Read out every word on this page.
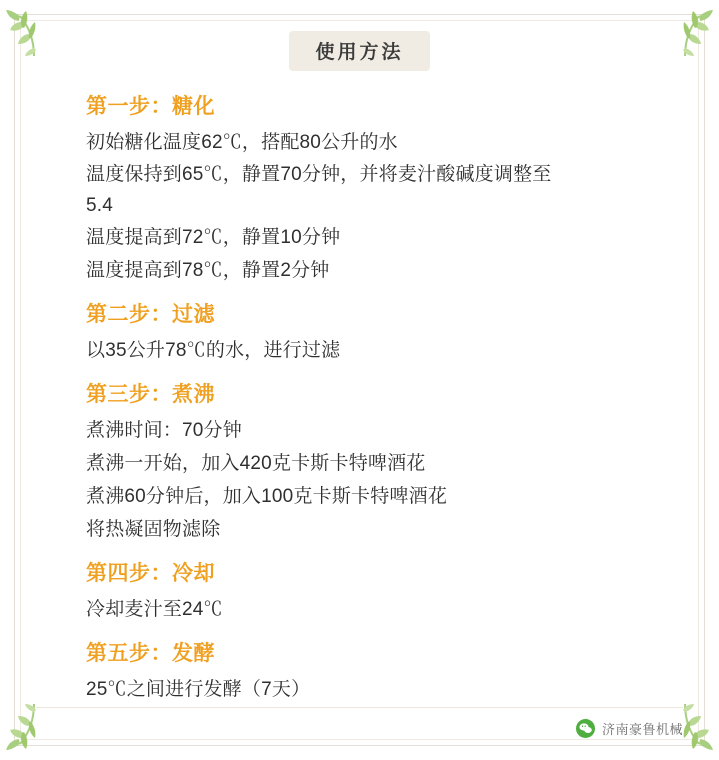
使用方法

第一步：糖化

初始糖化温度62℃，搭配80公升的水

温度保持到65℃，静置70分钟，并将麦汁酸碱度调整至

5.4

温度提高到72℃，静置10分钟

温度提高到78℃，静置2分钟

第二步：过滤

以35公升78℃的水，进行过滤

第三步：煮沸

煮沸时间：70分钟

煮沸一开始，加入420克卡斯卡特啤酒花

煮沸60分钟后，加入100克卡斯卡特啤酒花

将热凝固物滤除

第四步：冷却

冷却麦汁至24℃

第五步：发酵

25℃之间进行发酵（7天）

济南豪鲁机械
